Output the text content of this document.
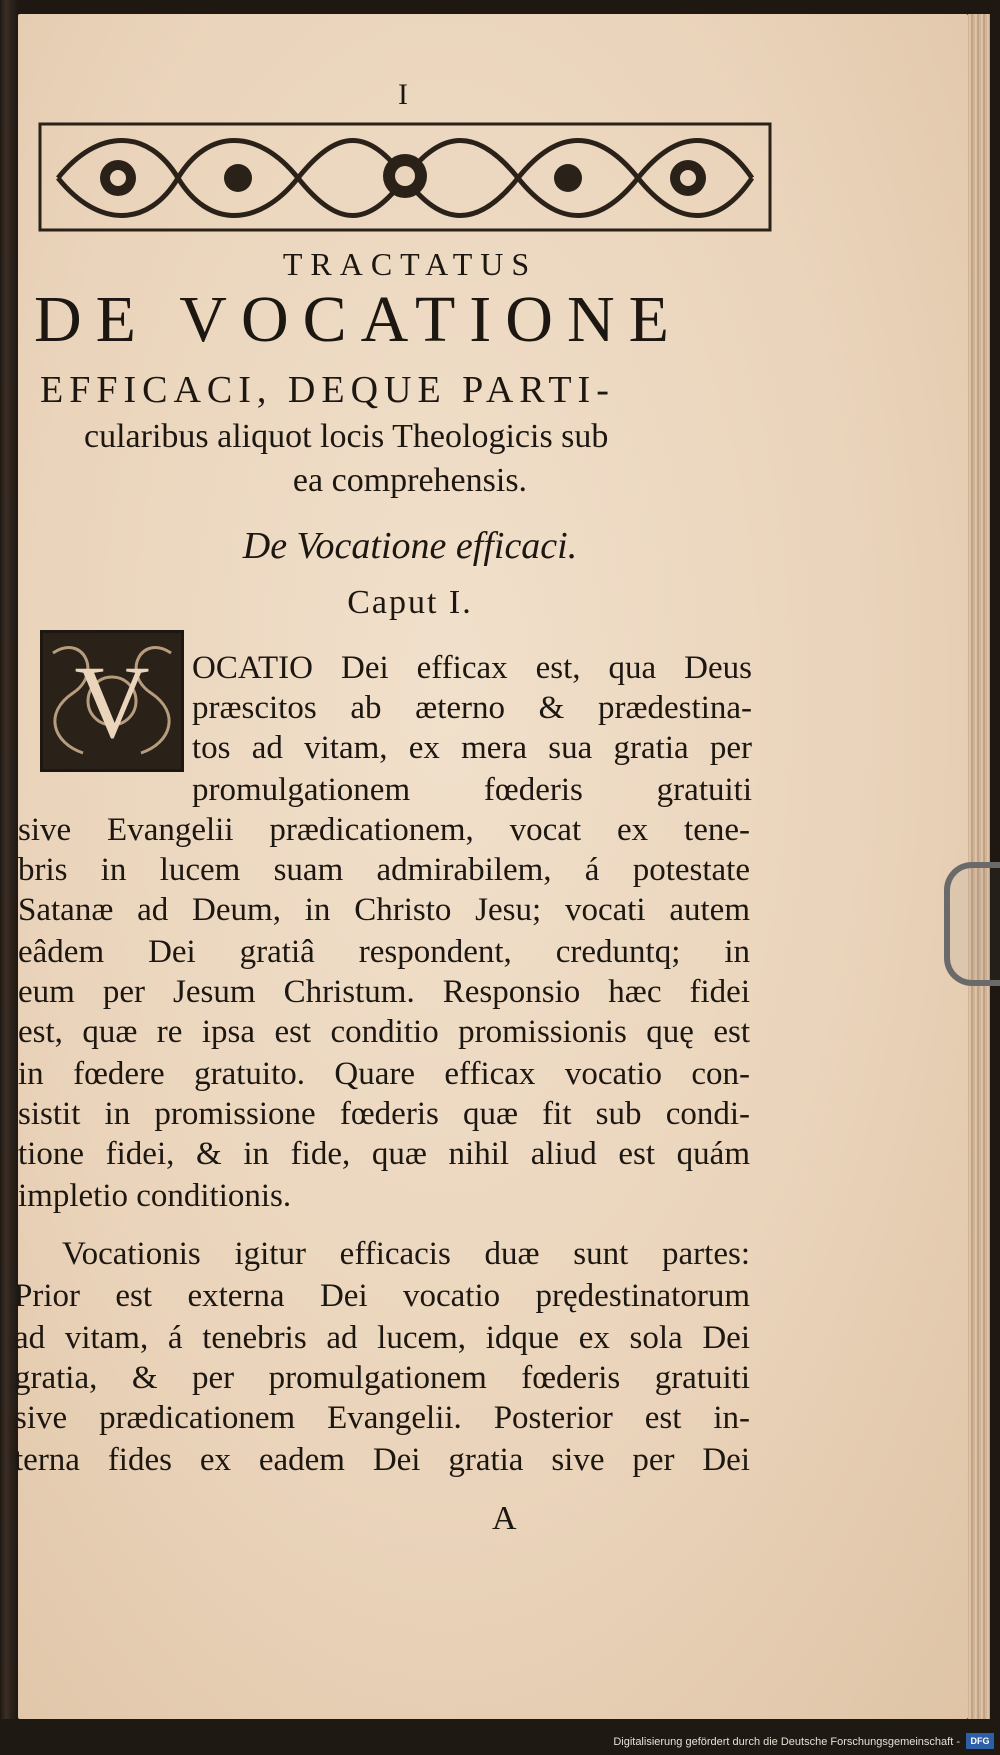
I
TRACTATUS
DE VOCATIONE
EFFICACI, DEQUE PARTI-
cularibus aliquot locis Theologicis sub
ea comprehensis.
De Vocatione efficaci.
Caput I.
V OCATIO Dei efficax est, qua Deus
præscitos ab æterno & prædestina-
tos ad vitam, ex mera sua gratia per
promulgationem fœderis gratuiti
sive Evangelii prædicationem, vocat ex tene-
bris in lucem suam admirabilem, á potestate
Satanæ ad Deum, in Christo Jesu; vocati autem
eâdem Dei gratiâ respondent, creduntq; in
eum per Jesum Christum. Responsio hæc fidei
est, quæ re ipsa est conditio promissionis quę est
in fœdere gratuito. Quare efficax vocatio con-
sistit in promissione fœderis quæ fit sub condi-
tione fidei, & in fide, quæ nihil aliud est quám
impletio conditionis.
Vocationis igitur efficacis duæ sunt partes:
Prior est externa Dei vocatio prędestinatorum
ad vitam, á tenebris ad lucem, idque ex sola Dei
gratia, & per promulgationem fœderis gratuiti
sive prædicationem Evangelii. Posterior est in-
terna fides ex eadem Dei gratia sive per Dei
A
Digitalisierung gefördert durch die Deutsche Forschungsgemeinschaft -	DFG
